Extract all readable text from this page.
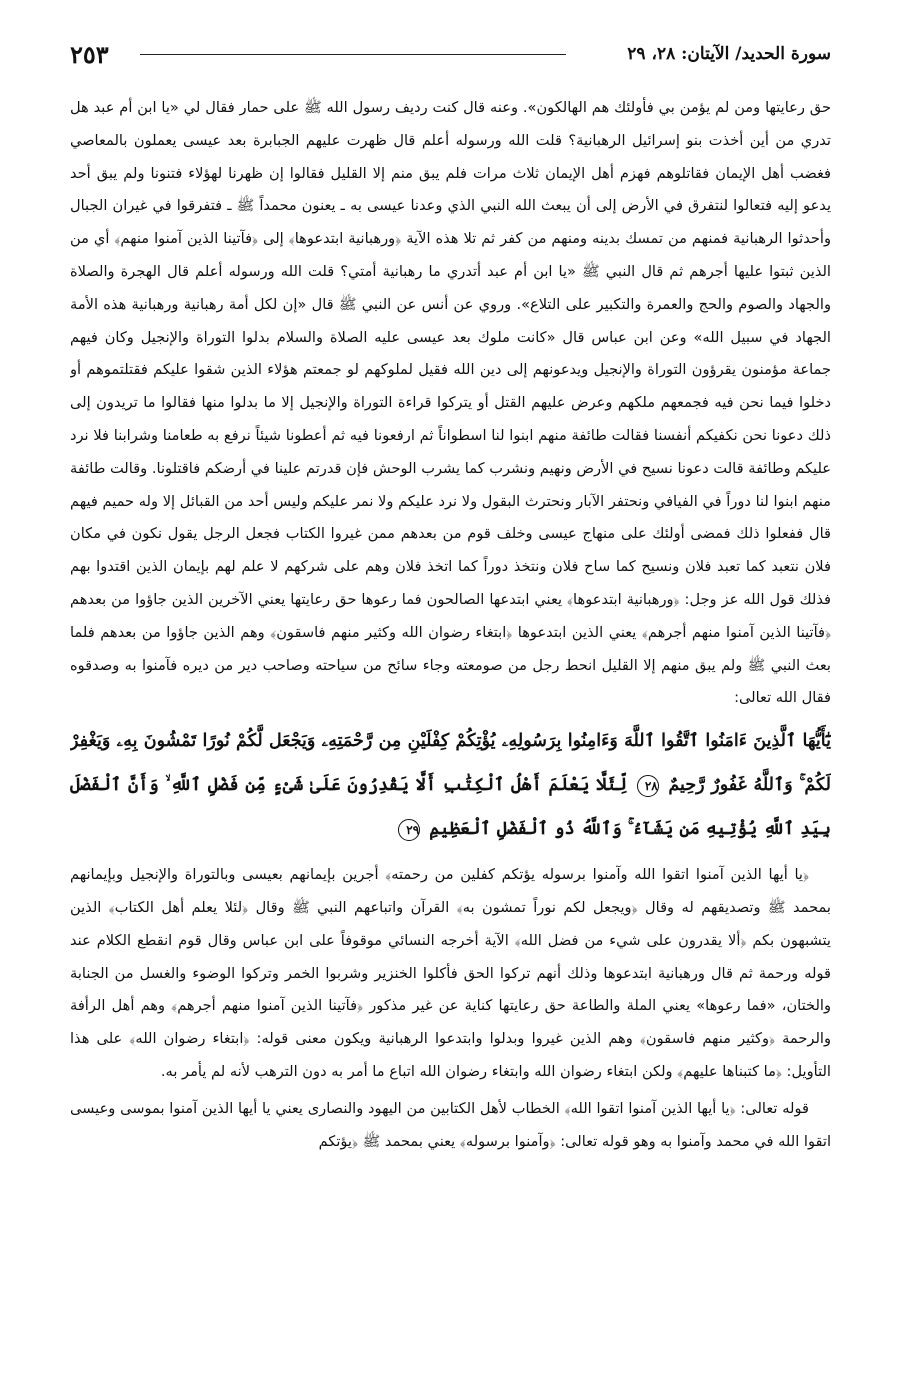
سورة الحديد/ الآيتان: ٢٨، ٢٩
٢٥٣

حق رعايتها ومن لم يؤمن بي فأولئك هم الهالكون». وعنه قال كنت رديف رسول الله ﷺ على حمار فقال لي «يا ابن أم عبد هل تدري من أين أخذت بنو إسرائيل الرهبانية؟ قلت الله ورسوله أعلم قال ظهرت عليهم الجبابرة بعد عيسى يعملون بالمعاصي فغضب أهل الإيمان فقاتلوهم فهزم أهل الإيمان ثلاث مرات فلم يبق منم إلا القليل فقالوا إن ظهرنا لهؤلاء فتنونا ولم يبق أحد يدعو إليه فتعالوا لنتفرق في الأرض إلى أن يبعث الله النبي الذي وعدنا عيسى به ـ يعنون محمداً ﷺ ـ فتفرقوا في غيران الجبال وأحدثوا الرهبانية فمنهم من تمسك بدينه ومنهم من كفر ثم تلا هذه الآية ﴿ورهبانية ابتدعوها﴾ إلى ﴿فآتينا الذين آمنوا منهم﴾ أي من الذين ثبتوا عليها أجرهم ثم قال النبي ﷺ «يا ابن أم عبد أتدري ما رهبانية أمتي؟ قلت الله ورسوله أعلم قال الهجرة والصلاة والجهاد والصوم والحج والعمرة والتكبير على التلاع». وروي عن أنس عن النبي ﷺ قال «إن لكل أمة رهبانية ورهبانية هذه الأمة الجهاد في سبيل الله» وعن ابن عباس قال «كانت ملوك بعد عيسى عليه الصلاة والسلام بدلوا التوراة والإنجيل وكان فيهم جماعة مؤمنون يقرؤون التوراة والإنجيل ويدعونهم إلى دين الله فقيل لملوكهم لو جمعتم هؤلاء الذين شقوا عليكم فقتلتموهم أو دخلوا فيما نحن فيه فجمعهم ملكهم وعرض عليهم القتل أو يتركوا قراءة التوراة والإنجيل إلا ما بدلوا منها فقالوا ما تريدون إلى ذلك دعونا نحن نكفيكم أنفسنا فقالت طائفة منهم ابنوا لنا اسطواناً ثم ارفعونا فيه ثم أعطونا شيئاً نرفع به طعامنا وشرابنا فلا نرد عليكم وطائفة قالت دعونا نسيح في الأرض ونهيم ونشرب كما يشرب الوحش فإن قدرتم علينا في أرضكم فاقتلونا. وقالت طائفة منهم ابنوا لنا دوراً في الفيافي ونحتفر الآبار ونحترث البقول ولا نرد عليكم ولا نمر عليكم وليس أحد من القبائل إلا وله حميم فيهم قال ففعلوا ذلك فمضى أولئك على منهاج عيسى وخلف قوم من بعدهم ممن غيروا الكتاب فجعل الرجل يقول نكون في مكان فلان نتعبد كما تعبد فلان ونسيح كما ساح فلان ونتخذ دوراً كما اتخذ فلان وهم على شركهم لا علم لهم بإيمان الذين اقتدوا بهم فذلك قول الله عز وجل: ﴿ورهبانية ابتدعوها﴾ يعني ابتدعها الصالحون فما رعوها حق رعايتها يعني الآخرين الذين جاؤوا من بعدهم ﴿فآتينا الذين آمنوا منهم أجرهم﴾ يعني الذين ابتدعوها ﴿ابتغاء رضوان الله وكثير منهم فاسقون﴾ وهم الذين جاؤوا من بعدهم فلما بعث النبي ﷺ ولم يبق منهم إلا القليل انحط رجل من صومعته وجاء سائح من سياحته وصاحب دير من ديره فآمنوا به وصدقوه فقال الله تعالى:

يَٰٓأَيُّهَا ٱلَّذِينَ ءَامَنُوا ٱتَّقُوا ٱللَّهَ وَءَامِنُوا بِرَسُولِهِۦ يُؤْتِكُمْ كِفْلَيْنِ مِن رَّحْمَتِهِۦ وَيَجْعَل لَّكُمْ نُورًا تَمْشُونَ بِهِۦ وَيَغْفِرْ لَكُمْ ۚ وَٱللَّهُ غَفُورٌ رَّحِيمٌ ٢٨ لِّئَلَّا يَعْلَمَ أَهْلُ ٱلْكِتَٰبِ أَلَّا يَقْدِرُونَ عَلَىٰ شَىْءٍ مِّن فَضْلِ ٱللَّهِ ۙ وَأَنَّ ٱلْفَضْلَ بِيَدِ ٱللَّهِ يُؤْتِيهِ مَن يَشَآءُ ۚ وَٱللَّهُ ذُو ٱلْفَضْلِ ٱلْعَظِيمِ ٢٩

﴿يا أيها الذين آمنوا اتقوا الله وآمنوا برسوله يؤتكم كفلين من رحمته﴾ أجرين بإيمانهم بعيسى وبالتوراة والإنجيل وبإيمانهم بمحمد ﷺ وتصديقهم له وقال ﴿ويجعل لكم نوراً تمشون به﴾ القرآن واتباعهم النبي ﷺ وقال ﴿لئلا يعلم أهل الكتاب﴾ الذين يتشبهون بكم ﴿ألا يقدرون على شيء من فضل الله﴾ الآية أخرجه النسائي موقوفاً على ابن عباس وقال قوم انقطع الكلام عند قوله ورحمة ثم قال ورهبانية ابتدعوها وذلك أنهم تركوا الحق فأكلوا الخنزير وشربوا الخمر وتركوا الوضوء والغسل من الجنابة والختان، «فما رعوها» يعني الملة والطاعة حق رعايتها كناية عن غير مذكور ﴿فآتينا الذين آمنوا منهم أجرهم﴾ وهم أهل الرأفة والرحمة ﴿وكثير منهم فاسقون﴾ وهم الذين غيروا وبدلوا وابتدعوا الرهبانية ويكون معنى قوله: ﴿ابتغاء رضوان الله﴾ على هذا التأويل: ﴿ما كتبناها عليهم﴾ ولكن ابتغاء رضوان الله وابتغاء رضوان الله اتباع ما أمر به دون الترهب لأنه لم يأمر به.

قوله تعالى: ﴿يا أيها الذين آمنوا اتقوا الله﴾ الخطاب لأهل الكتابين من اليهود والنصارى يعني يا أيها الذين آمنوا بموسى وعيسى اتقوا الله في محمد وآمنوا به وهو قوله تعالى: ﴿وآمنوا برسوله﴾ يعني بمحمد ﷺ ﴿يؤتكم
